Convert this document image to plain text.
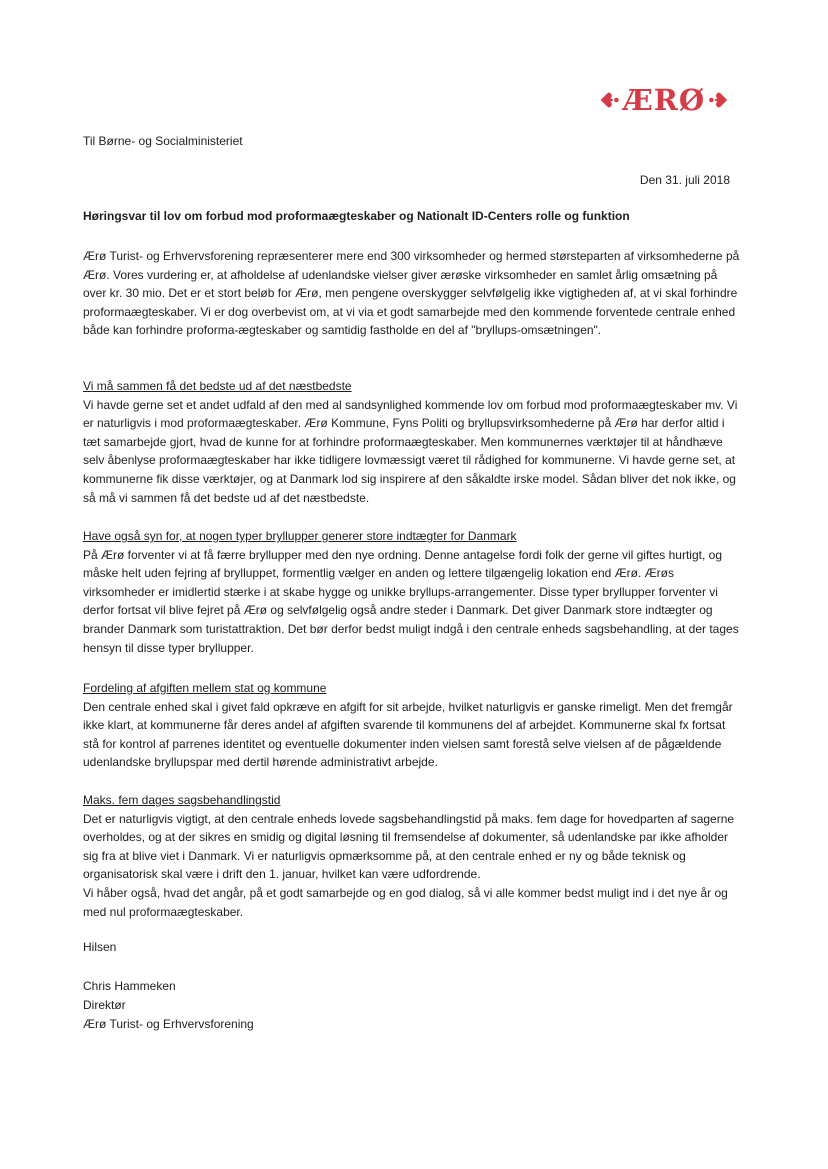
ÆRØ
Til Børne- og Socialministeriet
Den 31. juli 2018
Høringsvar til lov om forbud mod proformaægteskaber og Nationalt ID-Centers rolle og funktion

Ærø Turist- og Erhvervsforening repræsenterer mere end 300 virksomheder og hermed størsteparten af virksomhederne på Ærø. Vores vurdering er, at afholdelse af udenlandske vielser giver ærøske virksomheder en samlet årlig omsætning på over kr. 30 mio. Det er et stort beløb for Ærø, men pengene overskygger selvfølgelig ikke vigtigheden af, at vi skal forhindre proformaægteskaber. Vi er dog overbevist om, at vi via et godt samarbejde med den kommende forventede centrale enhed både kan forhindre proforma-ægteskaber og samtidig fastholde en del af "bryllups-omsætningen".

Vi må sammen få det bedste ud af det næstbedste

Vi havde gerne set et andet udfald af den med al sandsynlighed kommende lov om forbud mod proformaægteskaber mv. Vi er naturligvis i mod proformaægteskaber. Ærø Kommune, Fyns Politi og bryllupsvirksomhederne på Ærø har derfor altid i tæt samarbejde gjort, hvad de kunne for at forhindre proformaægteskaber. Men kommunernes værktøjer til at håndhæve selv åbenlyse proformaægteskaber har ikke tidligere lovmæssigt været til rådighed for kommunerne. Vi havde gerne set, at kommunerne fik disse værktøjer, og at Danmark lod sig inspirere af den såkaldte irske model. Sådan bliver det nok ikke, og så må vi sammen få det bedste ud af det næstbedste.

Have også syn for, at nogen typer bryllupper generer store indtægter for Danmark

På Ærø forventer vi at få færre bryllupper med den nye ordning. Denne antagelse fordi folk der gerne vil giftes hurtigt, og måske helt uden fejring af brylluppet, formentlig vælger en anden og lettere tilgængelig lokation end Ærø. Ærøs virksomheder er imidlertid stærke i at skabe hygge og unikke bryllups-arrangementer. Disse typer bryllupper forventer vi derfor fortsat vil blive fejret på Ærø og selvfølgelig også andre steder i Danmark. Det giver Danmark store indtægter og brander Danmark som turistattraktion. Det bør derfor bedst muligt indgå i den centrale enheds sagsbehandling, at der tages hensyn til disse typer bryllupper.

Fordeling af afgiften mellem stat og kommune

Den centrale enhed skal i givet fald opkræve en afgift for sit arbejde, hvilket naturligvis er ganske rimeligt. Men det fremgår ikke klart, at kommunerne får deres andel af afgiften svarende til kommunens del af arbejdet. Kommunerne skal fx fortsat stå for kontrol af parrenes identitet og eventuelle dokumenter inden vielsen samt forestå selve vielsen af de pågældende udenlandske bryllupspar med dertil hørende administrativt arbejde.

Maks. fem dages sagsbehandlingstid

Det er naturligvis vigtigt, at den centrale enheds lovede sagsbehandlingstid på maks. fem dage for hovedparten af sagerne overholdes, og at der sikres en smidig og digital løsning til fremsendelse af dokumenter, så udenlandske par ikke afholder sig fra at blive viet i Danmark. Vi er naturligvis opmærksomme på, at den centrale enhed er ny og både teknisk og organisatorisk skal være i drift den 1. januar, hvilket kan være udfordrende.

Vi håber også, hvad det angår, på et godt samarbejde og en god dialog, så vi alle kommer bedst muligt ind i det nye år og med nul proformaægteskaber.

Hilsen
Chris Hammeken
Direktør
Ærø Turist- og Erhvervsforening
